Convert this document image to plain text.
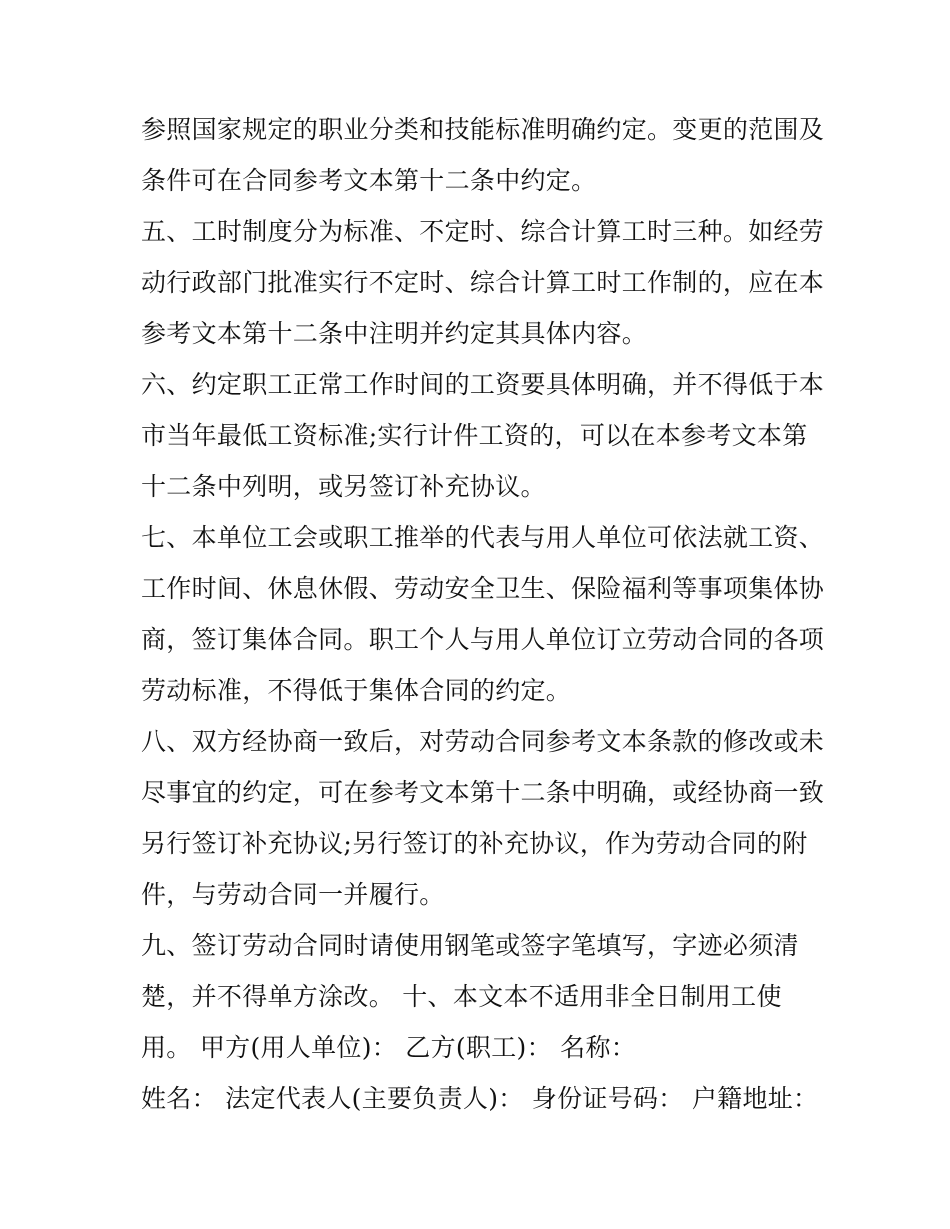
参照国家规定的职业分类和技能标准明确约定。变更的范围及
条件可在合同参考文本第十二条中约定。
五、工时制度分为标准、不定时、综合计算工时三种。如经劳
动行政部门批准实行不定时、综合计算工时工作制的，应在本
参考文本第十二条中注明并约定其具体内容。
六、约定职工正常工作时间的工资要具体明确，并不得低于本
市当年最低工资标准;实行计件工资的，可以在本参考文本第
十二条中列明，或另签订补充协议。
七、本单位工会或职工推举的代表与用人单位可依法就工资、
工作时间、休息休假、劳动安全卫生、保险福利等事项集体协
商，签订集体合同。职工个人与用人单位订立劳动合同的各项
劳动标准，不得低于集体合同的约定。
八、双方经协商一致后，对劳动合同参考文本条款的修改或未
尽事宜的约定，可在参考文本第十二条中明确，或经协商一致
另行签订补充协议;另行签订的补充协议，作为劳动合同的附
件，与劳动合同一并履行。
九、签订劳动合同时请使用钢笔或签字笔填写，字迹必须清
楚，并不得单方涂改。 十、本文本不适用非全日制用工使
用。 甲方(用人单位)： 乙方(职工)： 名称：
姓名： 法定代表人(主要负责人)： 身份证号码： 户籍地址：
